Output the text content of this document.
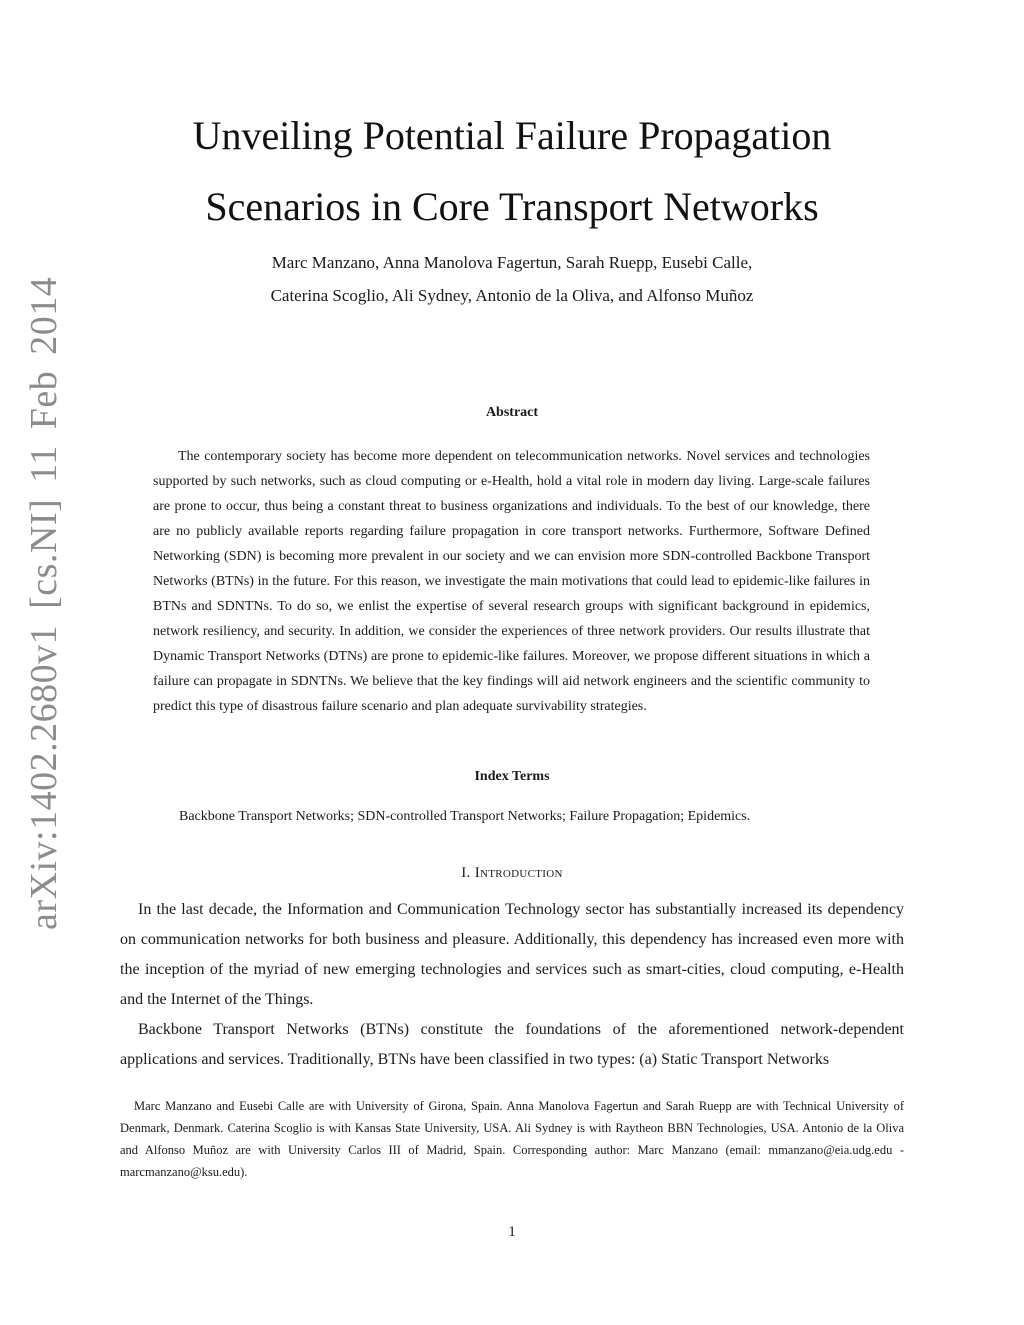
arXiv:1402.2680v1 [cs.NI] 11 Feb 2014
Unveiling Potential Failure Propagation
Scenarios in Core Transport Networks
Marc Manzano, Anna Manolova Fagertun, Sarah Ruepp, Eusebi Calle,
Caterina Scoglio, Ali Sydney, Antonio de la Oliva, and Alfonso Muñoz
Abstract

The contemporary society has become more dependent on telecommunication networks. Novel services and technologies supported by such networks, such as cloud computing or e-Health, hold a vital role in modern day living. Large-scale failures are prone to occur, thus being a constant threat to business organizations and individuals. To the best of our knowledge, there are no publicly available reports regarding failure propagation in core transport networks. Furthermore, Software Defined Networking (SDN) is becoming more prevalent in our society and we can envision more SDN-controlled Backbone Transport Networks (BTNs) in the future. For this reason, we investigate the main motivations that could lead to epidemic-like failures in BTNs and SDNTNs. To do so, we enlist the expertise of several research groups with significant background in epidemics, network resiliency, and security. In addition, we consider the experiences of three network providers. Our results illustrate that Dynamic Transport Networks (DTNs) are prone to epidemic-like failures. Moreover, we propose different situations in which a failure can propagate in SDNTNs. We believe that the key findings will aid network engineers and the scientific community to predict this type of disastrous failure scenario and plan adequate survivability strategies.

Index Terms

Backbone Transport Networks; SDN-controlled Transport Networks; Failure Propagation; Epidemics.

I. Introduction

In the last decade, the Information and Communication Technology sector has substantially increased its dependency on communication networks for both business and pleasure. Additionally, this dependency has increased even more with the inception of the myriad of new emerging technologies and services such as smart-cities, cloud computing, e-Health and the Internet of the Things.

Backbone Transport Networks (BTNs) constitute the foundations of the aforementioned network-dependent applications and services. Traditionally, BTNs have been classified in two types: (a) Static Transport Networks

Marc Manzano and Eusebi Calle are with University of Girona, Spain. Anna Manolova Fagertun and Sarah Ruepp are with Technical University of Denmark, Denmark. Caterina Scoglio is with Kansas State University, USA. Ali Sydney is with Raytheon BBN Technologies, USA. Antonio de la Oliva and Alfonso Muñoz are with University Carlos III of Madrid, Spain. Corresponding author: Marc Manzano (email: mmanzano@eia.udg.edu - marcmanzano@ksu.edu).

1
